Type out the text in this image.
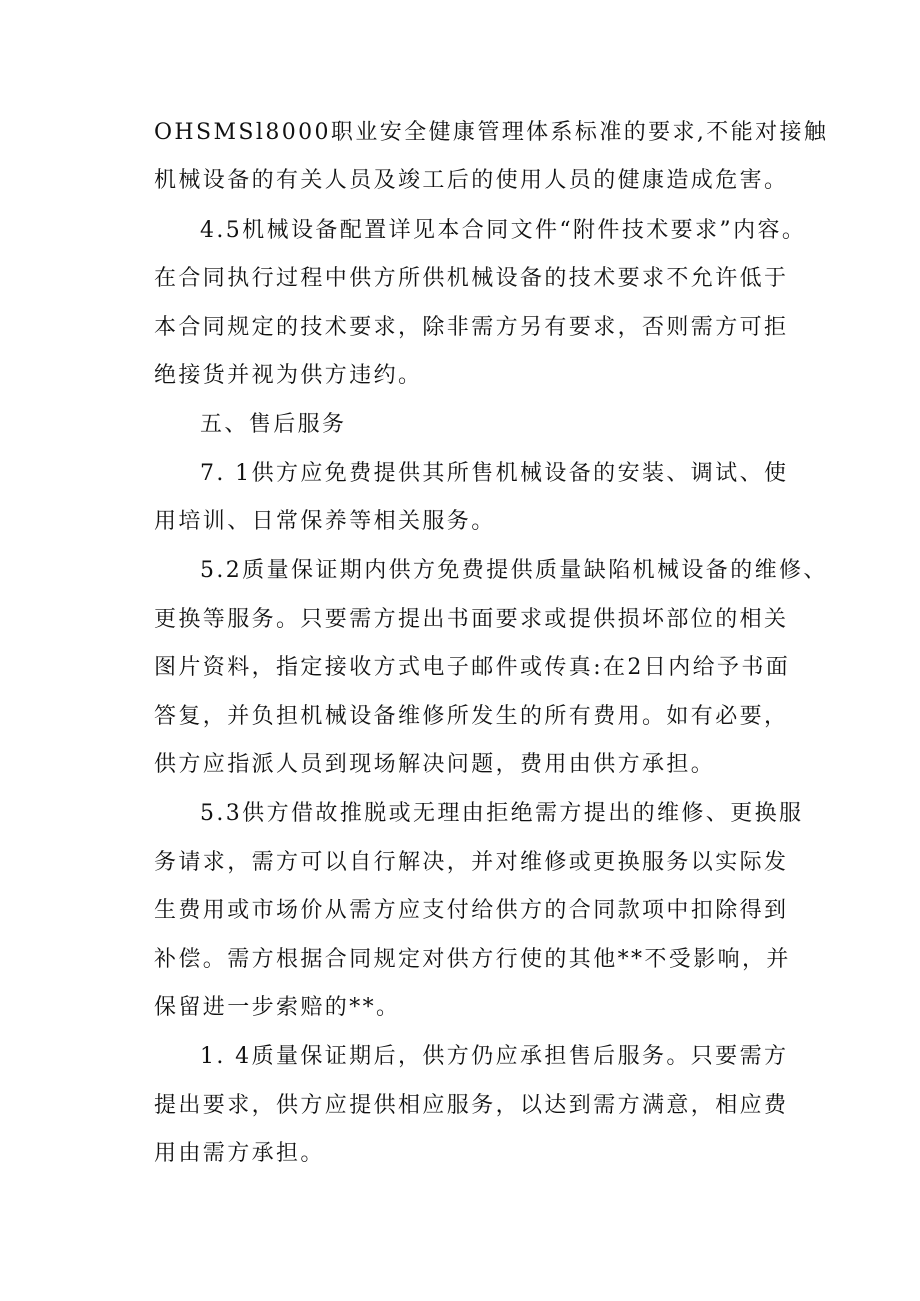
OHSMSl8000职业安全健康管理体系标准的要求,不能对接触
机械设备的有关人员及竣工后的使用人员的健康造成危害。
4.5机械设备配置详见本合同文件“附件技术要求”内容。
在合同执行过程中供方所供机械设备的技术要求不允许低于
本合同规定的技术要求，除非需方另有要求，否则需方可拒
绝接货并视为供方违约。
五、售后服务
7. 1供方应免费提供其所售机械设备的安装、调试、使
用培训、日常保养等相关服务。
5.2质量保证期内供方免费提供质量缺陷机械设备的维修、
更换等服务。只要需方提出书面要求或提供损坏部位的相关
图片资料，指定接收方式电子邮件或传真:在2日内给予书面
答复，并负担机械设备维修所发生的所有费用。如有必要，
供方应指派人员到现场解决问题，费用由供方承担。
5.3供方借故推脱或无理由拒绝需方提出的维修、更换服
务请求，需方可以自行解决，并对维修或更换服务以实际发
生费用或市场价从需方应支付给供方的合同款项中扣除得到
补偿。需方根据合同规定对供方行使的其他**不受影响，并
保留进一步索赔的**。
1. 4质量保证期后，供方仍应承担售后服务。只要需方
提出要求，供方应提供相应服务，以达到需方满意，相应费
用由需方承担。
